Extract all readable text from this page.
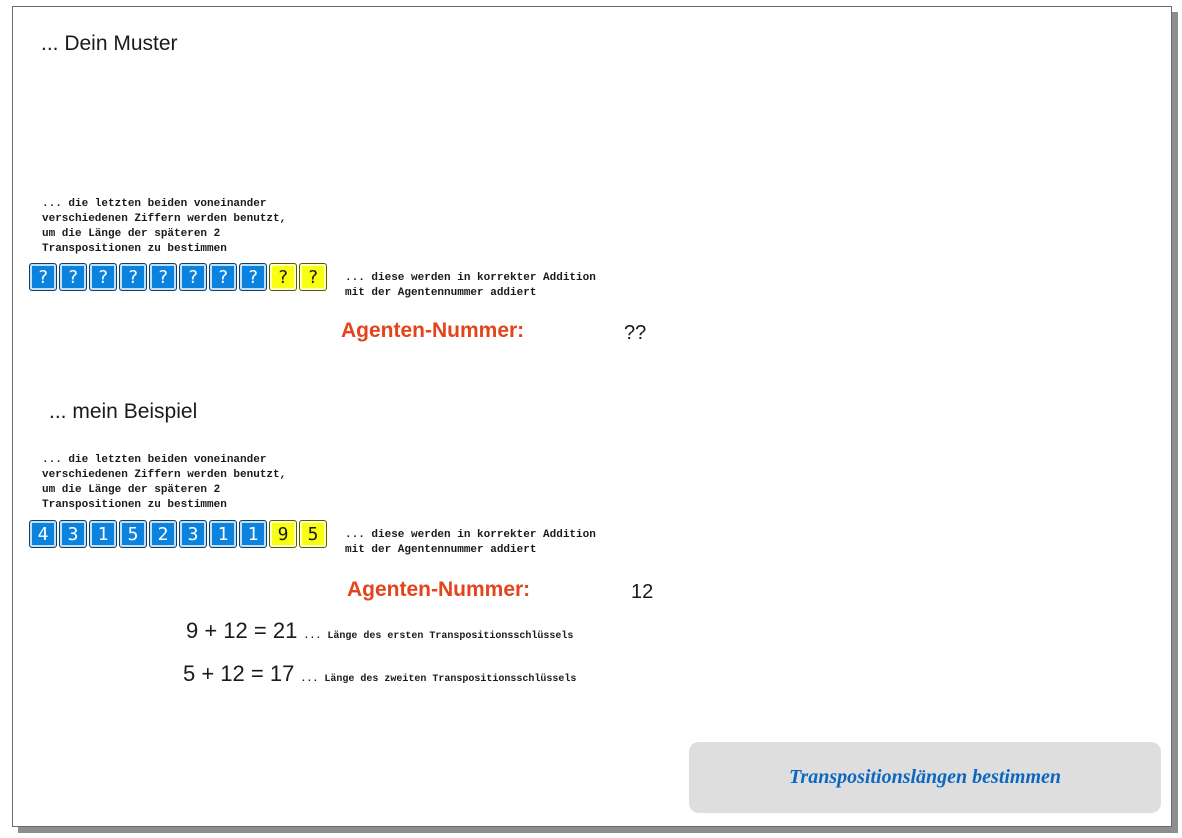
... Dein Muster
... die letzten beiden voneinander
verschiedenen Ziffern werden benutzt,
um die Länge der späteren 2
Transpositionen zu bestimmen
?	?	?	?	?	?	?	?	?	?	... diese werden in korrekter Addition
mit der Agentennummer addiert
Agenten-Nummer:	??
... mein Beispiel
... die letzten beiden voneinander
verschiedenen Ziffern werden benutzt,
um die Länge der späteren 2
Transpositionen zu bestimmen
4	3	1	5	2	3	1	1	9	5	... diese werden in korrekter Addition
mit der Agentennummer addiert
Agenten-Nummer:	12
9 + 12 = 21 ... Länge des ersten Transpositionsschlüssels
5 + 12 = 17 ... Länge des zweiten Transpositionsschlüssels
Transpositionslängen bestimmen
